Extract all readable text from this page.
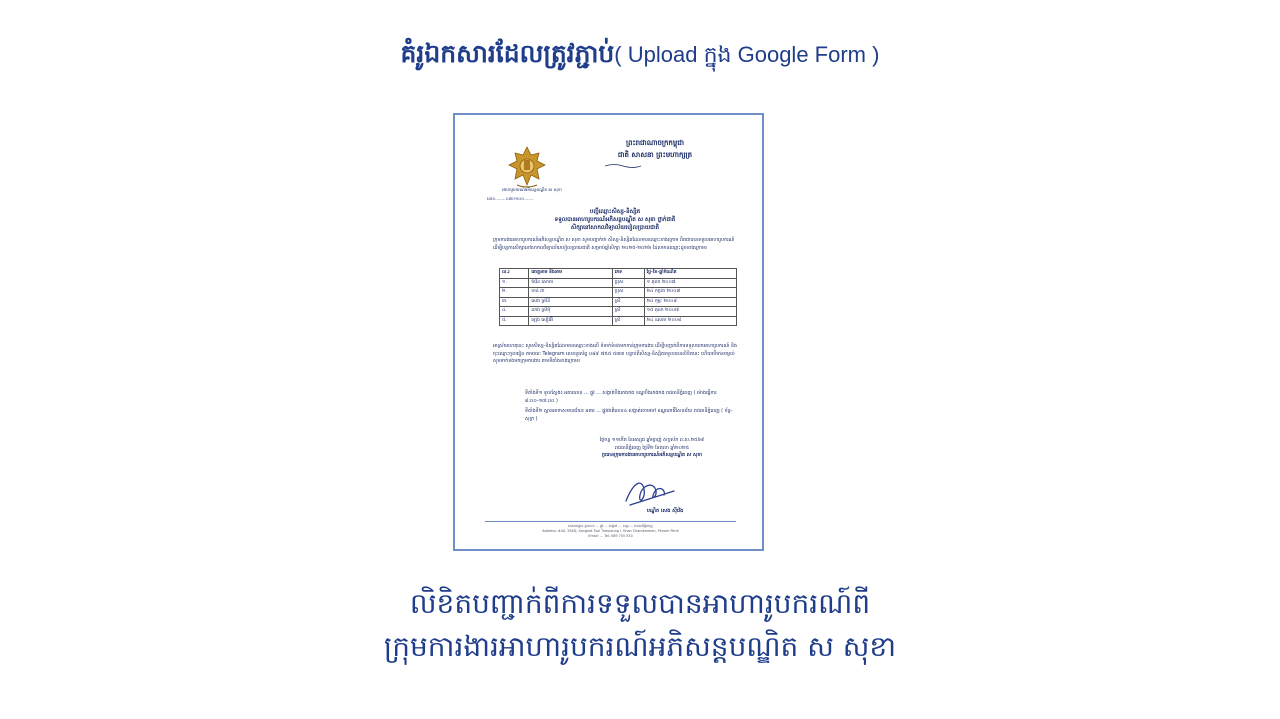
គំរូឯកសារដែលត្រូវភ្ជាប់( Upload ក្នុង Google Form )
អាហារូបករណ៍អភិសន្តបណ្ឌិត ស សុខា
លេខ........០៣០១០០.......
ព្រះរាជាណាចក្រកម្ពុជា
ជាតិ សាសនា ព្រះមហាក្សត្រ
បញ្ជីឈ្មោះសិស្ស-និស្សិត
ទទួលបានអាហារូបករណ៍អភិសន្តបណ្ឌិត ស សុខា ថ្នាក់ជាតិ
សិក្សានៅសាកលវិទ្យាល័យបៀលប្រាយជាតិ
ក្រុមការងារអាហារូបករណ៍អភិសន្តបណ្ឌិត ស សុខា សូមបញ្ជាក់ថា សិស្ស-និស្សិតដែលមានឈ្មោះខាងក្រោម ពិតជាបានទទួលអាហារូបករណ៍ ដើម្បីបន្តការសិក្សានៅសាកលវិទ្យាល័យបៀលប្រាយជាតិ សម្រាប់ឆ្នាំសិក្សា ២០២៥-២០២៦ ដែលមានឈ្មោះដូចខាងក្រោម៖
ល.រ	គោត្តនាម និងនាម	ភេទ	ថ្ងៃ-ខែ-ឆ្នាំកំណើត
១.	ចំរើន សោភា	ប្រុស	១ តុលា ២០០៧
២.	ចាន់ ដា	ប្រុស	២៤ កក្កដា ២០០៧
៣.	សេង ស្រីនី	ស្រី	២៤ កុម្ភៈ ២០០៨
៤.	លាង ស្រីមុំ	ស្រី	១៥ តុលា ២០០៧
៥.	ឡេង សៀវអ៊ី	ស្រី	២៤ ឧសភា ២០០៨
អាស្រ័យហេតុនេះ សូមសិស្ស-និស្សិតដែលមានឈ្មោះខាងលើ ទំនាក់ទំនងមកកាន់ក្រុមការងារ ដើម្បីបញ្ជាក់ពីការទទួលយកអាហារូបករណ៍ និងចុះឈ្មោះចូលរៀន តាមរយៈ Telegram លេខទូរស័ព្ទ ០៨៩ ៧៥៥ ៥៣៣ បន្ទាប់ពីសិស្ស-និស្សិតទទួលបានលិខិតនេះ ហើយបើមានចម្ងល់ សូមទាក់ទងមកក្រុមការងារ តាមទីតាំងខាងក្រោម៖
ទីតាំងទី១ ទូលស្លែង៖ អគារលេខ ... ផ្លូវ ... សង្កាត់បឹងកេងកង ខណ្ឌបឹងកេងកង រាជធានីភ្នំពេញ ( ម៉ោងធ្វើការ ៨:០០-១៧:០០ )
ទីតាំងទី២ ស្ពានអាកាសមានជ័យ៖ អគារ ... ផ្លូវជាតិលេខ៤ សង្កាត់ចោមចៅ ខណ្ឌពោធិ៍សែនជ័យ រាជធានីភ្នំពេញ ( ច័ន្ទ-សុក្រ )
ថ្ងៃចន្ទ ១១កើត ខែអស្សុជ ឆ្នាំម្សាញ់ សប្តស័ក ព.ស.២៥៦៩
រាជធានីភ្នំពេញ ថ្ងៃទី២ ខែតុលា ឆ្នាំ២០២៥
ប្រធានក្រុមការងារអាហារូបករណ៍អភិសន្តបណ្ឌិត ស សុខា
បណ្ឌិត សេង ស៊ីវ៉េង
អាសយដ្ឋាន ផ្ទះលេខ ... ផ្លូវ ... សង្កាត់ ... ខណ្ឌ ... រាជធានីភ្នំពេញ
Address: #44, 294D, Sangkat Tuol Tumpoung I, Khan Chamkarmon, Phnom Penh
Email: ... Tel: 089 755 533
លិខិតបញ្ជាក់ពីការទទួលបានអាហារូបករណ៍ពី
ក្រុមការងារអាហារូបករណ៍អភិសន្តបណ្ឌិត ស សុខា
